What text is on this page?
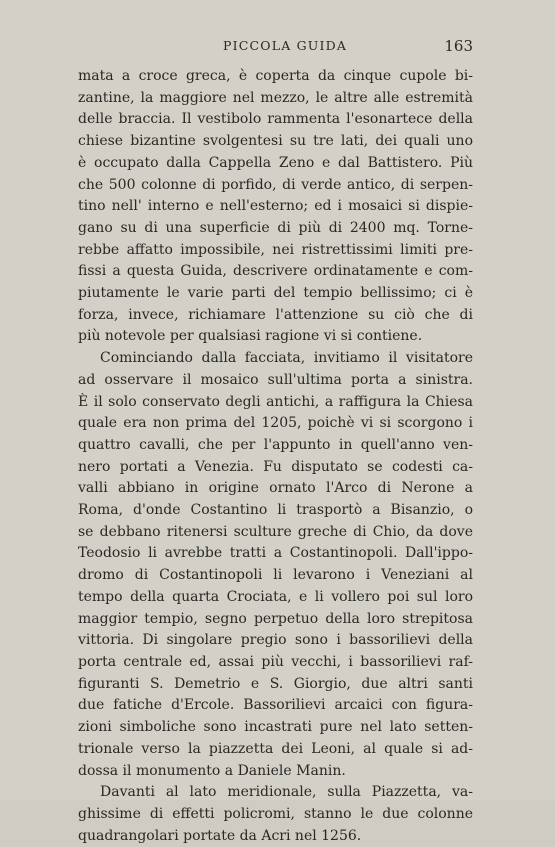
PICCOLA GUIDA	163
mata a croce greca, è coperta da cinque cupole bi-
zantine, la maggiore nel mezzo, le altre alle estremità
delle braccia. Il vestibolo rammenta l'esonartece della
chiese bizantine svolgentesi su tre lati, dei quali uno
è occupato dalla Cappella Zeno e dal Battistero. Più
che 500 colonne di porfido, di verde antico, di serpen-
tino nell' interno e nell'esterno; ed i mosaici si dispie-
gano su di una superficie di più di 2400 mq. Torne-
rebbe affatto impossibile, nei ristrettissimi limiti pre-
fissi a questa Guida, descrivere ordinatamente e com-
piutamente le varie parti del tempio bellissimo; ci è
forza, invece, richiamare l'attenzione su ciò che di
più notevole per qualsiasi ragione vi si contiene.
Cominciando dalla facciata, invitiamo il visitatore
ad osservare il mosaico sull'ultima porta a sinistra.
È il solo conservato degli antichi, a raffigura la Chiesa
quale era non prima del 1205, poichè vi si scorgono i
quattro cavalli, che per l'appunto in quell'anno ven-
nero portati a Venezia. Fu disputato se codesti ca-
valli abbiano in origine ornato l'Arco di Nerone a
Roma, d'onde Costantino li trasportò a Bisanzio, o
se debbano ritenersi sculture greche di Chio, da dove
Teodosio li avrebbe tratti a Costantinopoli. Dall'ippo-
dromo di Costantinopoli li levarono i Veneziani al
tempo della quarta Crociata, e li vollero poi sul loro
maggior tempio, segno perpetuo della loro strepitosa
vittoria. Di singolare pregio sono i bassorilievi della
porta centrale ed, assai più vecchi, i bassorilievi raf-
figuranti S. Demetrio e S. Giorgio, due altri santi
due fatiche d'Ercole. Bassorilievi arcaici con figura-
zioni simboliche sono incastrati pure nel lato setten-
trionale verso la piazzetta dei Leoni, al quale si ad-
dossa il monumento a Daniele Manin.
Davanti al lato meridionale, sulla Piazzetta, va-
ghissime di effetti policromi, stanno le due colonne
quadrangolari portate da Acri nel 1256.
